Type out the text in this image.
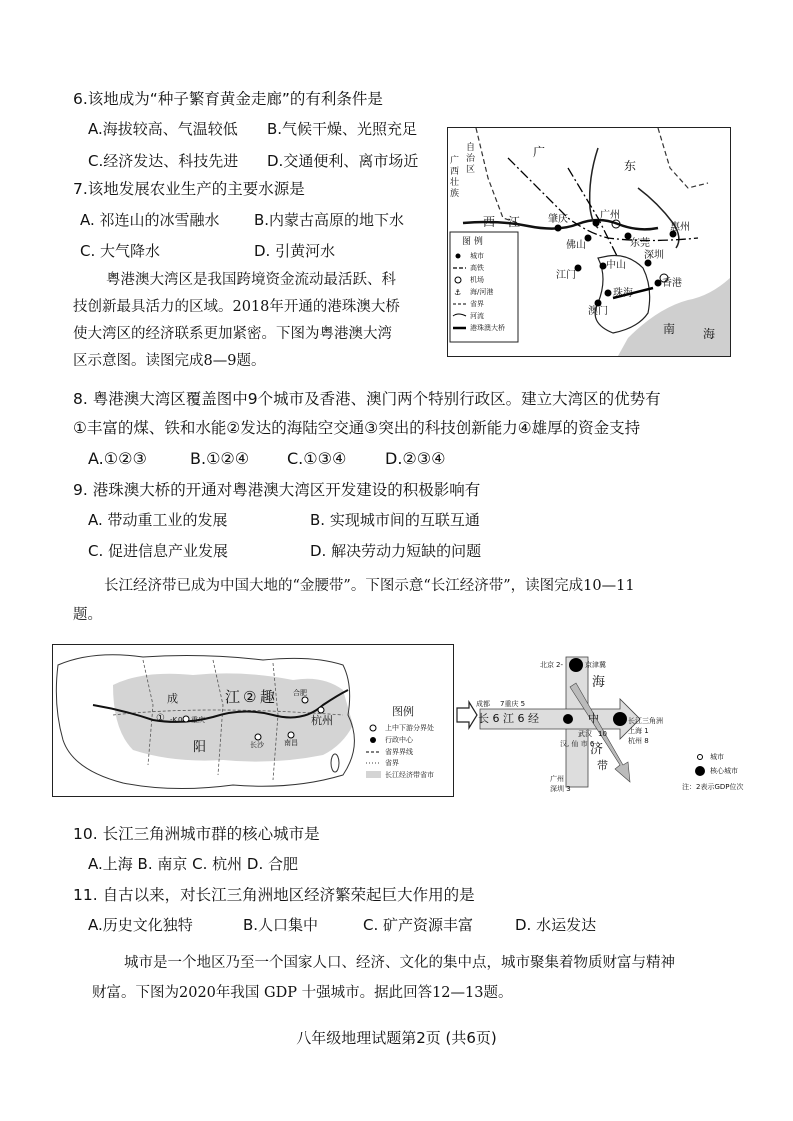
6.该地成为“种子繁育黄金走廊”的有利条件是
A.海拔较高、气温较低 B.气候干燥、光照充足
C.经济发达、科技先进 D.交通便利、离市场近
7.该地发展农业生产的主要水源是
A. 祁连山的冰雪融水 B.内蒙古高原的地下水
C. 大气降水	D. 引黄河水
粤港澳大湾区是我国跨境资金流动最活跃、科
技创新最具活力的区域。2018年开通的港珠澳大桥
使大湾区的经济联系更加紧密。下图为粤港澳大湾
区示意图。读图完成8—9题。
⚓
广西壮族
自治区
广
东
西 江
南 海
肇庆	广州
佛山	东莞
惠州
深圳
江门
中山
珠海
澳门
香港
图 例
城市
高铁
机场
海/河港
省界
河流
港珠澳大桥
8. 粤港澳大湾区覆盖图中9个城市及香港、澳门两个特别行政区。建立大湾区的优势有
①丰富的煤、铁和水能②发达的海陆空交通③突出的科技创新能力④雄厚的资金支持
A.①②③	B.①②④ C.①③④ D.②③④
9. 港珠澳大桥的开通对粤港澳大湾区开发建设的积极影响有
A. 带动重工业的发展	B. 实现城市间的互联互通
C. 促进信息产业发展	D. 解决劳动力短缺的问题
长江经济带已成为中国大地的“金腰带”。下图示意“长江经济带”，读图完成10—11
题。
成
① -K 0 重庆
江 ② 趣
阳
杭州
长沙	南昌
合肥
图例
上中下游分界处
行政中心
省界界线
省界
长江经济带省市
北京 2-	京津冀
成都 7重庆 5
长 6 江 6 经	中	长江三角洲
上海 1
杭州 8
武汉 10
汉, 仙 市 6
海
济
带
广州
深圳 3
城市
核心城市
注：2表示GDP位次
10. 长江三角洲城市群的核心城市是
A.上海 B. 南京 C. 杭州 D. 合肥
11. 自古以来，对长江三角洲地区经济繁荣起巨大作用的是
A.历史文化独特	B.人口集中	C. 矿产资源丰富	D. 水运发达
城市是一个地区乃至一个国家人口、经济、文化的集中点，城市聚集着物质财富与精神
财富。下图为2020年我国 GDP 十强城市。据此回答12—13题。
八年级地理试题第2页 (共6页)
